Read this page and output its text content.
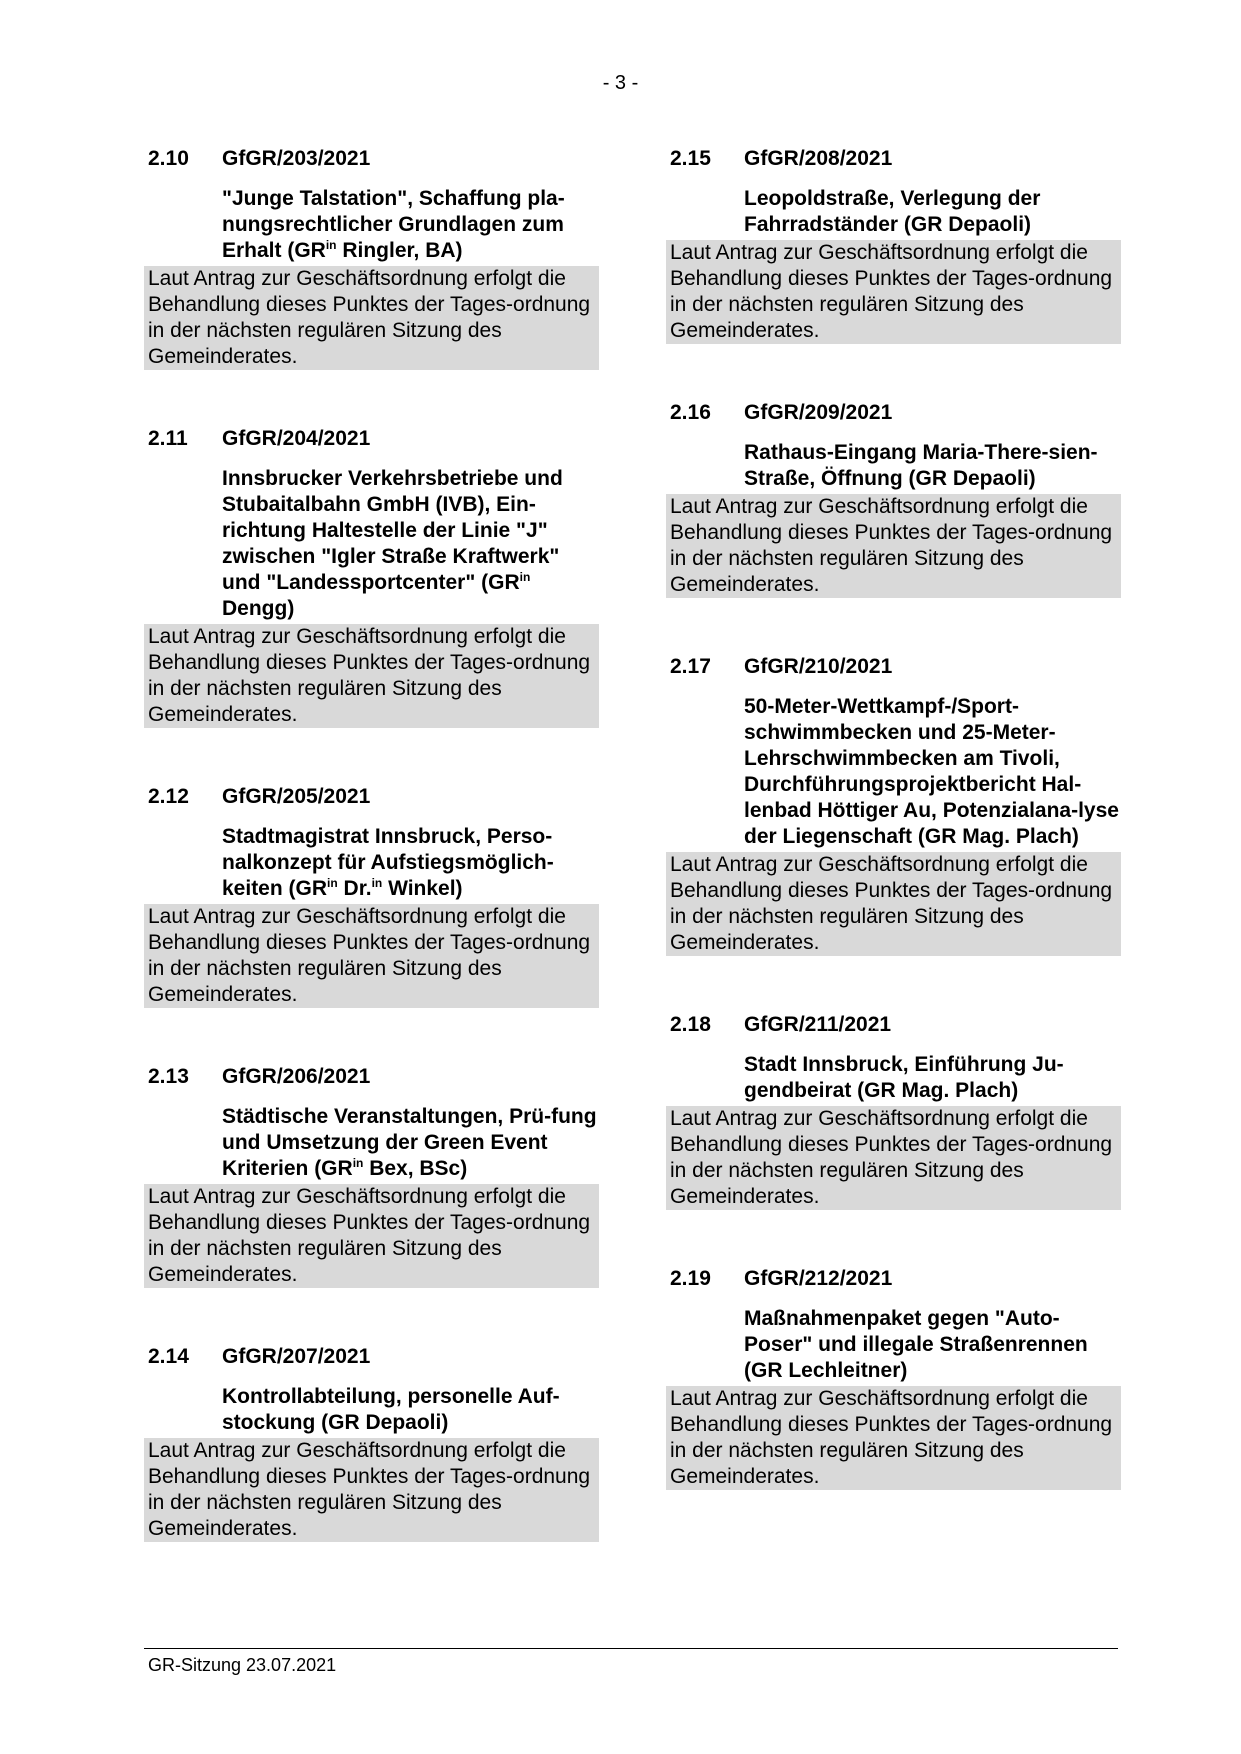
- 3 -
2.10	GfGR/203/2021
"Junge Talstation", Schaffung pla-nungsrechtlicher Grundlagen zum Erhalt ($GR^{in}$ Ringler, BA)
Laut Antrag zur Geschäftsordnung erfolgt die Behandlung dieses Punktes der Tages-ordnung in der nächsten regulären Sitzung des Gemeinderates.
2.11	GfGR/204/2021
Innsbrucker Verkehrsbetriebe und Stubaitalbahn GmbH (IVB), Ein-richtung Haltestelle der Linie "J" zwischen "Igler Straße Kraftwerk" und "Landessportcenter" ($GR^{in}$ Dengg)
Laut Antrag zur Geschäftsordnung erfolgt die Behandlung dieses Punktes der Tages-ordnung in der nächsten regulären Sitzung des Gemeinderates.
2.12	GfGR/205/2021
Stadtmagistrat Innsbruck, Perso-nalkonzept für Aufstiegsmöglich-keiten ($GR^{in}$ Dr.$^{in}$ Winkel)
Laut Antrag zur Geschäftsordnung erfolgt die Behandlung dieses Punktes der Tages-ordnung in der nächsten regulären Sitzung des Gemeinderates.
2.13	GfGR/206/2021
Städtische Veranstaltungen, Prü-fung und Umsetzung der Green Event Kriterien ($GR^{in}$ Bex, BSc)
Laut Antrag zur Geschäftsordnung erfolgt die Behandlung dieses Punktes der Tages-ordnung in der nächsten regulären Sitzung des Gemeinderates.
2.14	GfGR/207/2021
Kontrollabteilung, personelle Auf-stockung (GR Depaoli)
Laut Antrag zur Geschäftsordnung erfolgt die Behandlung dieses Punktes der Tages-ordnung in der nächsten regulären Sitzung des Gemeinderates.
2.15	GfGR/208/2021
Leopoldstraße, Verlegung der Fahrradständer (GR Depaoli)
Laut Antrag zur Geschäftsordnung erfolgt die Behandlung dieses Punktes der Tages-ordnung in der nächsten regulären Sitzung des Gemeinderates.
2.16	GfGR/209/2021
Rathaus-Eingang Maria-There-sien-Straße, Öffnung (GR Depaoli)
Laut Antrag zur Geschäftsordnung erfolgt die Behandlung dieses Punktes der Tages-ordnung in der nächsten regulären Sitzung des Gemeinderates.
2.17	GfGR/210/2021
50-Meter-Wettkampf-/Sport-schwimmbecken und 25-Meter-Lehrschwimmbecken am Tivoli, Durchführungsprojektbericht Hal-lenbad Höttiger Au, Potenzialana-lyse der Liegenschaft (GR Mag. Plach)
Laut Antrag zur Geschäftsordnung erfolgt die Behandlung dieses Punktes der Tages-ordnung in der nächsten regulären Sitzung des Gemeinderates.
2.18	GfGR/211/2021
Stadt Innsbruck, Einführung Ju-gendbeirat (GR Mag. Plach)
Laut Antrag zur Geschäftsordnung erfolgt die Behandlung dieses Punktes der Tages-ordnung in der nächsten regulären Sitzung des Gemeinderates.
2.19	GfGR/212/2021
Maßnahmenpaket gegen "Auto-Poser" und illegale Straßenrennen (GR Lechleitner)
Laut Antrag zur Geschäftsordnung erfolgt die Behandlung dieses Punktes der Tages-ordnung in der nächsten regulären Sitzung des Gemeinderates.
GR-Sitzung 23.07.2021
